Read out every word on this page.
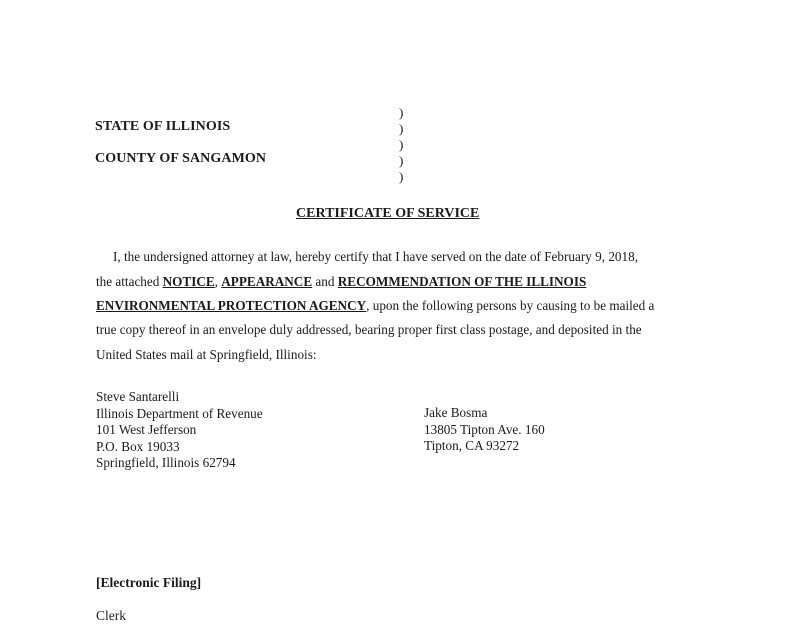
STATE OF ILLINOIS
COUNTY OF SANGAMON
)
)
)
)
)
CERTIFICATE OF SERVICE
I, the undersigned attorney at law, hereby certify that I have served on the date of February 9, 2018,
the attached NOTICE, APPEARANCE and RECOMMENDATION OF THE ILLINOIS
ENVIRONMENTAL PROTECTION AGENCY, upon the following persons by causing to be mailed a
true copy thereof in an envelope duly addressed, bearing proper first class postage, and deposited in the
United States mail at Springfield, Illinois:
Steve Santarelli
Illinois Department of Revenue
101 West Jefferson
P.O. Box 19033
Springfield, Illinois 62794
Jake Bosma
13805 Tipton Ave. 160
Tipton, CA 93272
[Electronic Filing]
Clerk
